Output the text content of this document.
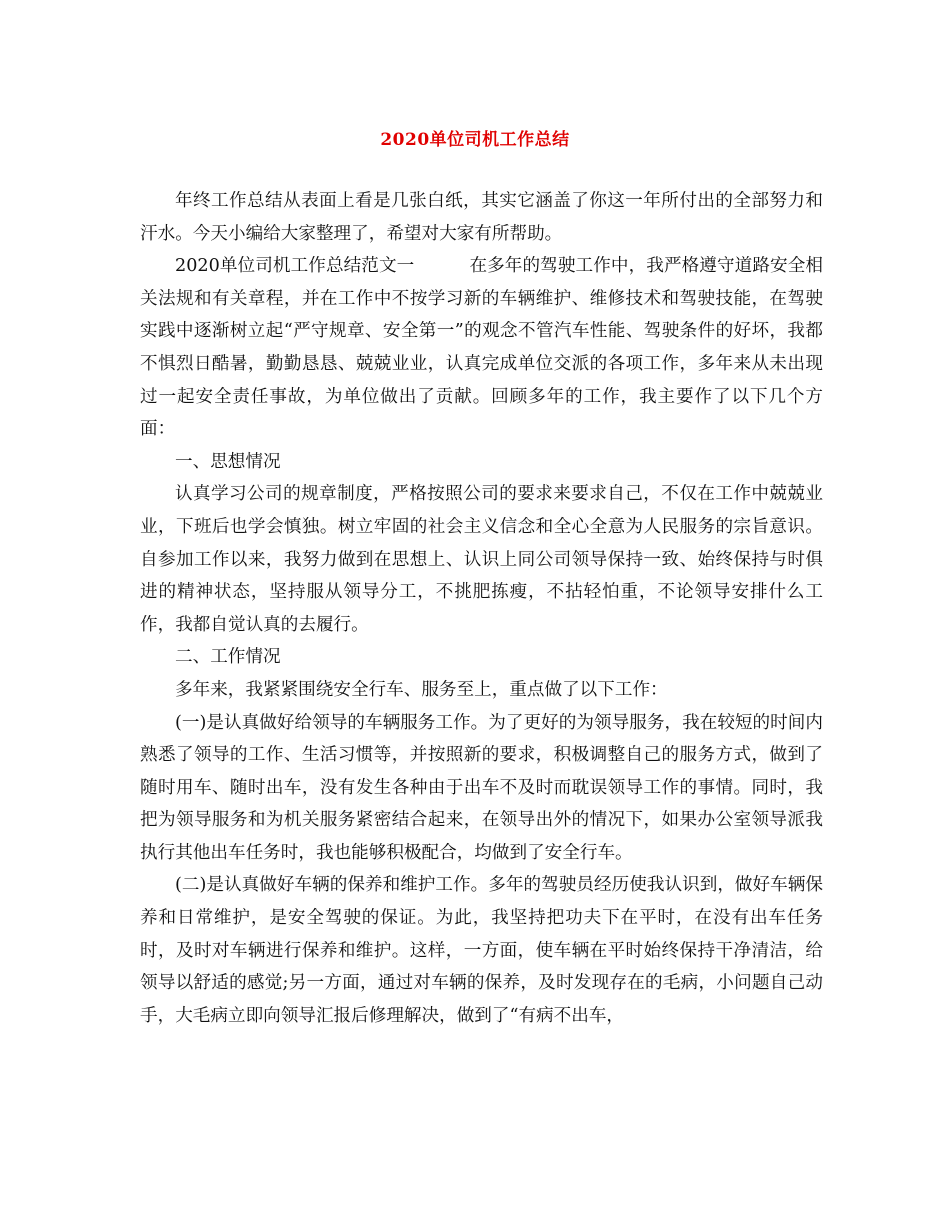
2020单位司机工作总结

年终工作总结从表面上看是几张白纸，其实它涵盖了你这一年所付出的全部努力和汗水。今天小编给大家整理了，希望对大家有所帮助。

2020单位司机工作总结范文一	在多年的驾驶工作中，我严格遵守道路安全相关法规和有关章程，并在工作中不按学习新的车辆维护、维修技术和驾驶技能，在驾驶实践中逐渐树立起“严守规章、安全第一”的观念不管汽车性能、驾驶条件的好坏，我都不惧烈日酷暑，勤勤恳恳、兢兢业业，认真完成单位交派的各项工作，多年来从未出现过一起安全责任事故，为单位做出了贡献。回顾多年的工作，我主要作了以下几个方面：

一、思想情况

认真学习公司的规章制度，严格按照公司的要求来要求自己，不仅在工作中兢兢业业，下班后也学会慎独。树立牢固的社会主义信念和全心全意为人民服务的宗旨意识。自参加工作以来，我努力做到在思想上、认识上同公司领导保持一致、始终保持与时俱进的精神状态，坚持服从领导分工，不挑肥拣瘦，不拈轻怕重，不论领导安排什么工作，我都自觉认真的去履行。

二、工作情况

多年来，我紧紧围绕安全行车、服务至上，重点做了以下工作：

(一)是认真做好给领导的车辆服务工作。为了更好的为领导服务，我在较短的时间内熟悉了领导的工作、生活习惯等，并按照新的要求，积极调整自己的服务方式，做到了随时用车、随时出车，没有发生各种由于出车不及时而耽误领导工作的事情。同时，我把为领导服务和为机关服务紧密结合起来，在领导出外的情况下，如果办公室领导派我执行其他出车任务时，我也能够积极配合，均做到了安全行车。

(二)是认真做好车辆的保养和维护工作。多年的驾驶员经历使我认识到，做好车辆保养和日常维护，是安全驾驶的保证。为此，我坚持把功夫下在平时，在没有出车任务时，及时对车辆进行保养和维护。这样，一方面，使车辆在平时始终保持干净清洁，给领导以舒适的感觉;另一方面，通过对车辆的保养，及时发现存在的毛病，小问题自己动手，大毛病立即向领导汇报后修理解决，做到了“有病不出车，
